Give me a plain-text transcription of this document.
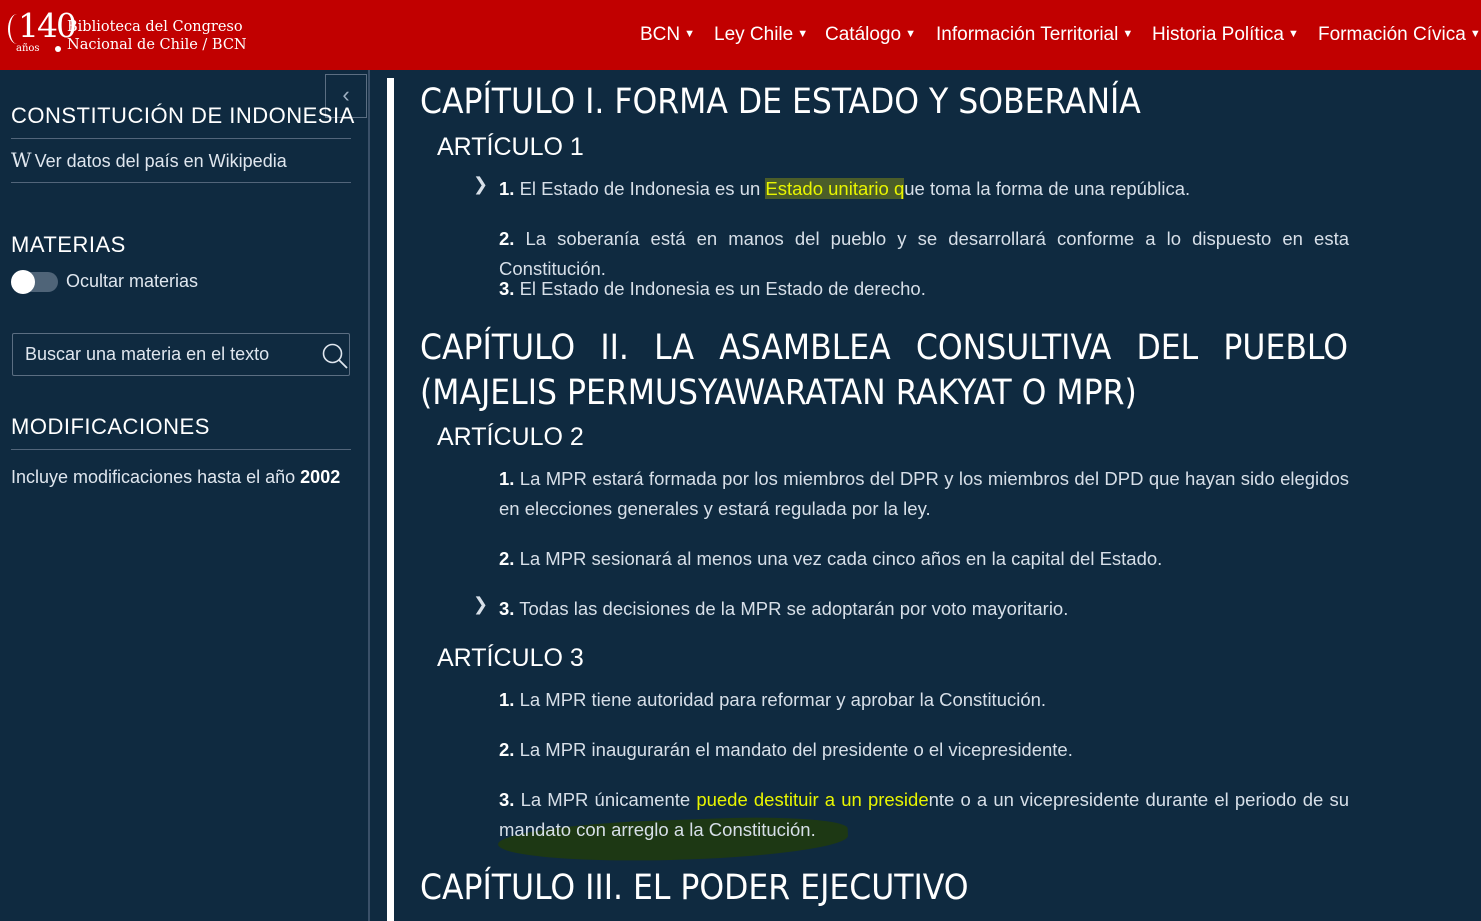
140
años
Biblioteca del Congreso
Nacional de Chile / BCN	BCN ▼ Ley Chile ▼ Catálogo ▼ Información Territorial ▼ Historia Política ▼ Formación Cívica ▼
‹
CONSTITUCIÓN DE INDONESIA
W Ver datos del país en Wikipedia
MATERIAS
Ocultar materias
Buscar una materia en el texto
MODIFICACIONES
Incluye modificaciones hasta el año 2002
CAPÍTULO I. FORMA DE ESTADO Y SOBERANÍA
ARTÍCULO 1
❯ 1. El Estado de Indonesia es un Estado unitario que toma la forma de una república.
2. La soberanía está en manos del pueblo y se desarrollará conforme a lo dispuesto en esta Constitución.
3. El Estado de Indonesia es un Estado de derecho.
CAPÍTULO II. LA ASAMBLEA CONSULTIVA DEL PUEBLO (MAJELIS PERMUSYAWARATAN RAKYAT O MPR)
ARTÍCULO 2
1. La MPR estará formada por los miembros del DPR y los miembros del DPD que hayan sido elegidos en elecciones generales y estará regulada por la ley.
2. La MPR sesionará al menos una vez cada cinco años en la capital del Estado.
❯ 3. Todas las decisiones de la MPR se adoptarán por voto mayoritario.
ARTÍCULO 3
1. La MPR tiene autoridad para reformar y aprobar la Constitución.
2. La MPR inaugurarán el mandato del presidente o el vicepresidente.
3. La MPR únicamente puede destituir a un presidente o a un vicepresidente durante el periodo de su mandato con arreglo a la Constitución.
CAPÍTULO III. EL PODER EJECUTIVO
